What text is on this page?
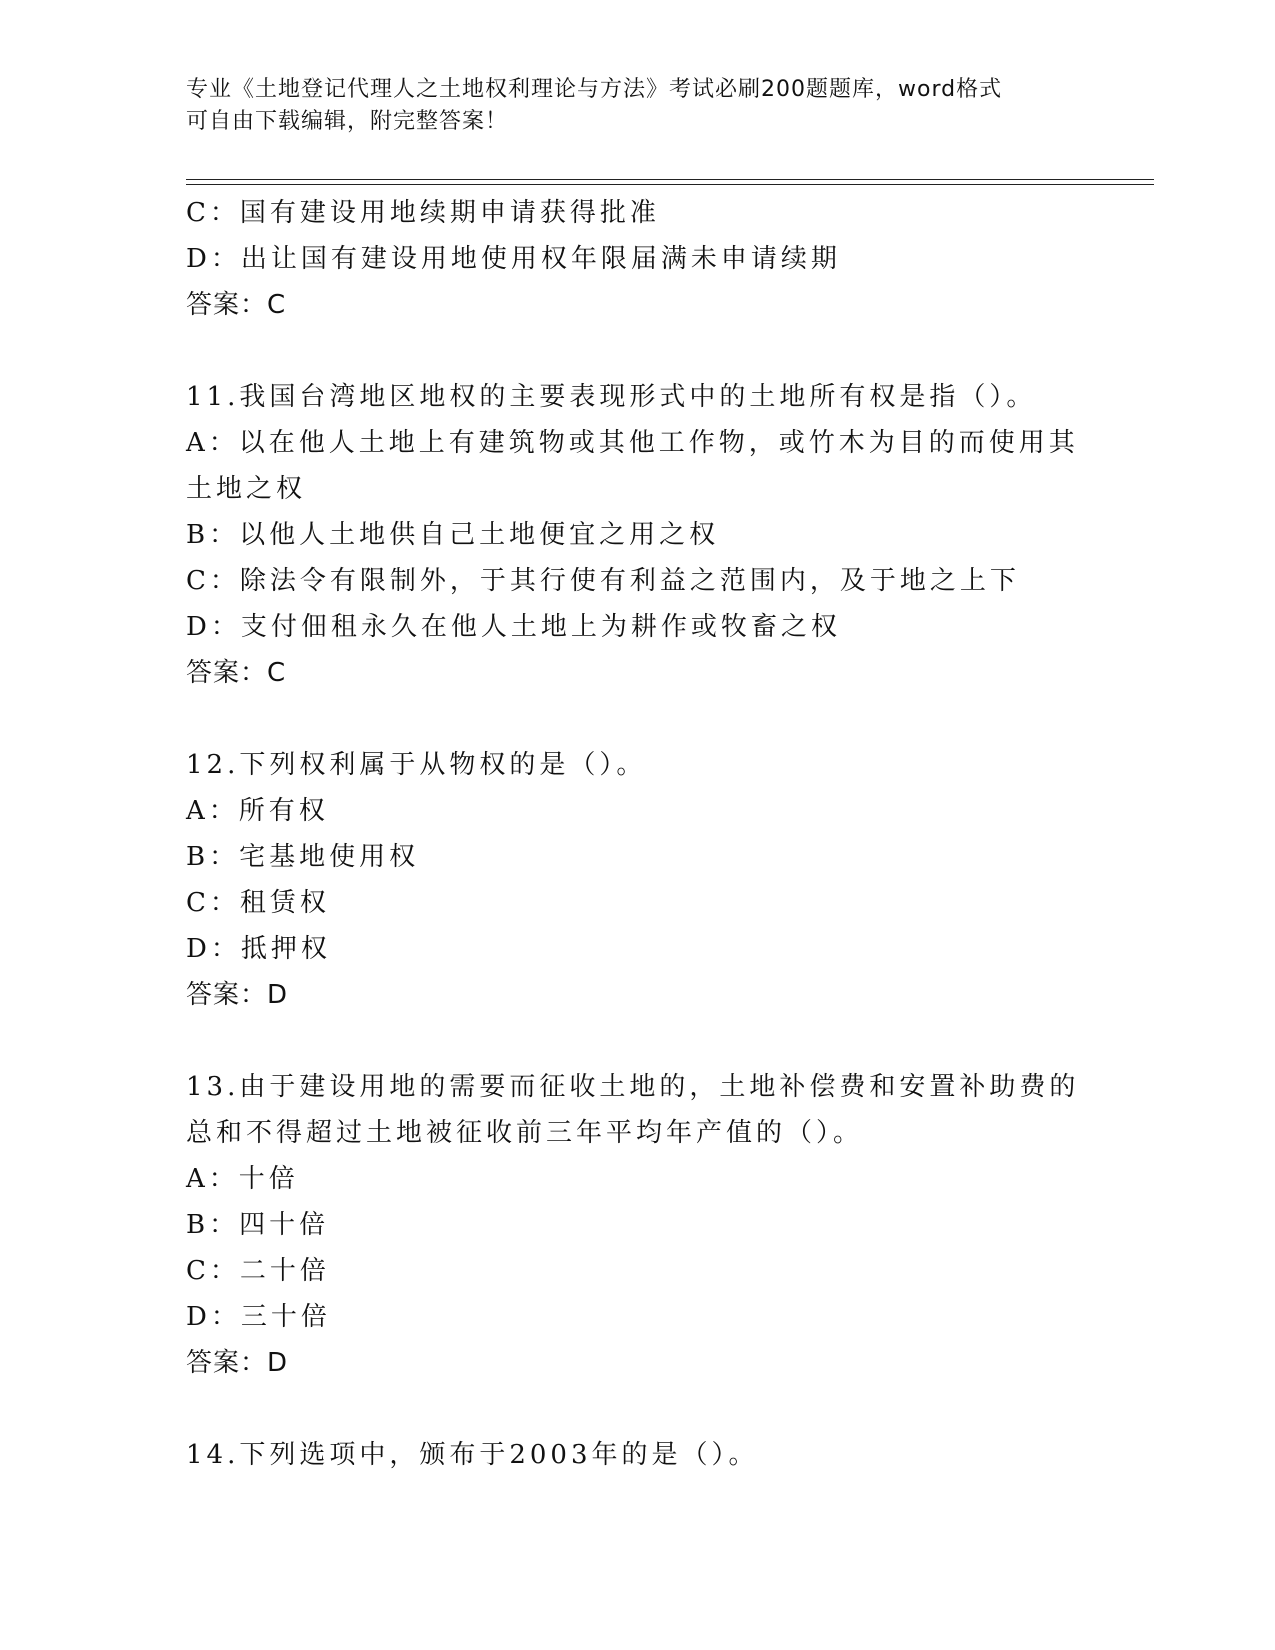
专业《土地登记代理人之土地权利理论与方法》考试必刷200题题库，word格式
可自由下载编辑，附完整答案！
C：国有建设用地续期申请获得批准
D：出让国有建设用地使用权年限届满未申请续期
答案：C
11.我国台湾地区地权的主要表现形式中的土地所有权是指（）。
A：以在他人土地上有建筑物或其他工作物，或竹木为目的而使用其土地之权
B：以他人土地供自己土地便宜之用之权
C：除法令有限制外，于其行使有利益之范围内，及于地之上下
D：支付佃租永久在他人土地上为耕作或牧畜之权
答案：C
12.下列权利属于从物权的是（）。
A：所有权
B：宅基地使用权
C：租赁权
D：抵押权
答案：D
13.由于建设用地的需要而征收土地的，土地补偿费和安置补助费的总和不得超过土地被征收前三年平均年产值的（）。
A：十倍
B：四十倍
C：二十倍
D：三十倍
答案：D
14.下列选项中，颁布于2003年的是（）。
